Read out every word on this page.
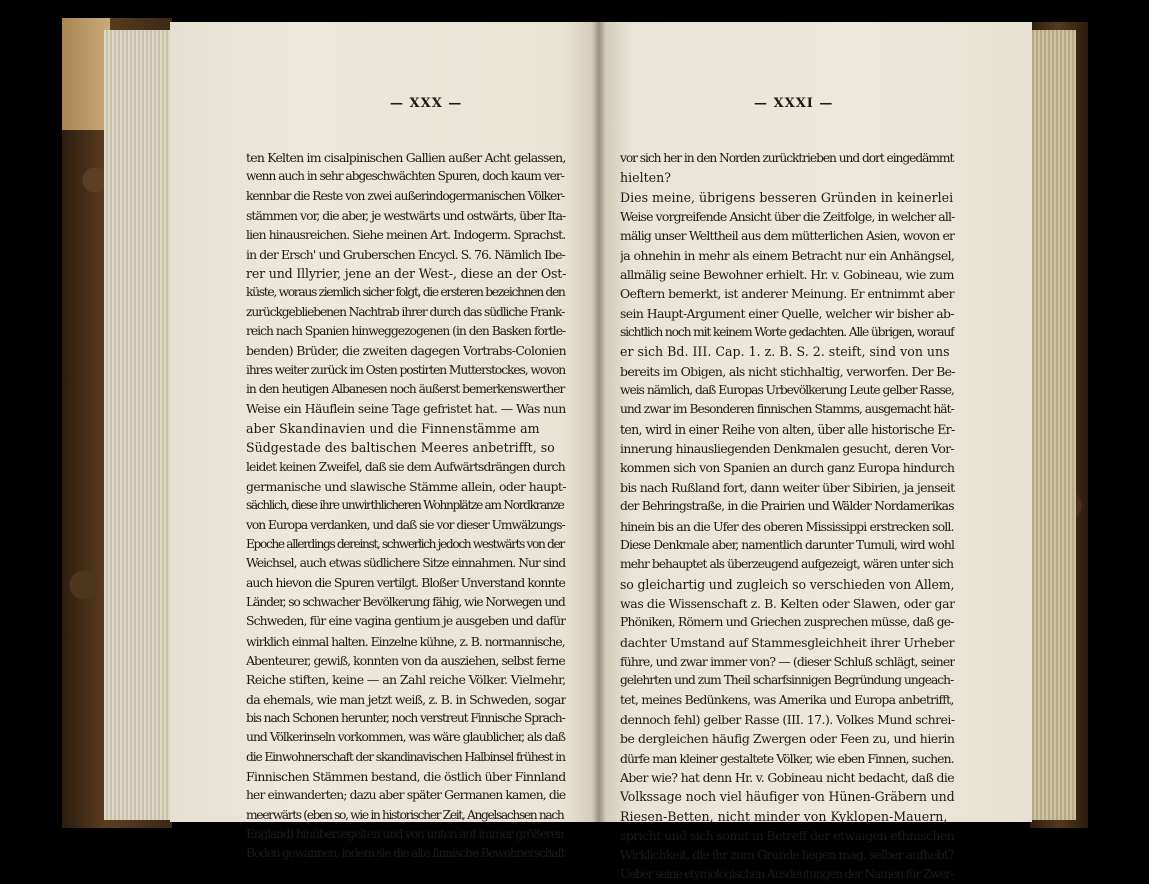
— XXX —
ten Kelten im cisalpinischen Gallien außer Acht gelassen,
wenn auch in sehr abgeschwächten Spuren, doch kaum ver-
kennbar die Reste von zwei außerindogermanischen Völker-
stämmen vor, die aber, je westwärts und ostwärts, über Ita-
lien hinausreichen. Siehe meinen Art. Indogerm. Sprachst.
in der Ersch' und Gruberschen Encycl. S. 76. Nämlich Ibe-
rer und Illyrier, jene an der West-, diese an der Ost-
küste, woraus ziemlich sicher folgt, die ersteren bezeichnen den
zurückgebliebenen Nachtrab ihrer durch das südliche Frank-
reich nach Spanien hinweggezogenen (in den Basken fortle-
benden) Brüder, die zweiten dagegen Vortrabs-Colonien
ihres weiter zurück im Osten postirten Mutterstockes, wovon
in den heutigen Albanesen noch äußerst bemerkenswerther
Weise ein Häuflein seine Tage gefristet hat. — Was nun
aber Skandinavien und die Finnenstämme am
Südgestade des baltischen Meeres anbetrifft, so
leidet keinen Zweifel, daß sie dem Aufwärtsdrängen durch
germanische und slawische Stämme allein, oder haupt-
sächlich, diese ihre unwirthlicheren Wohnplätze am Nordkranze
von Europa verdanken, und daß sie vor dieser Umwälzungs-
Epoche allerdings dereinst, schwerlich jedoch westwärts von der
Weichsel, auch etwas südlichere Sitze einnahmen. Nur sind
auch hievon die Spuren vertilgt. Bloßer Unverstand konnte
Länder, so schwacher Bevölkerung fähig, wie Norwegen und
Schweden, für eine vagina gentium je ausgeben und dafür
wirklich einmal halten. Einzelne kühne, z. B. normannische,
Abenteurer, gewiß, konnten von da ausziehen, selbst ferne
Reiche stiften, keine — an Zahl reiche Völker. Vielmehr,
da ehemals, wie man jetzt weiß, z. B. in Schweden, sogar
bis nach Schonen herunter, noch verstreut Finnische Sprach-
und Völkerinseln vorkommen, was wäre glaublicher, als daß
die Einwohnerschaft der skandinavischen Halbinsel frühest in
Finnischen Stämmen bestand, die östlich über Finnland
her einwanderten; dazu aber später Germanen kamen, die
meerwärts (eben so, wie in historischer Zeit, Angelsachsen nach
England) hinübersegelten und von unten auf immer größeren
Boden gewannen, indem sie die alte finnische Bewohnerschaft
— XXXI —
vor sich her in den Norden zurücktrieben und dort eingedämmt
hielten?
Dies meine, übrigens besseren Gründen in keinerlei
Weise vorgreifende Ansicht über die Zeitfolge, in welcher all-
mälig unser Welttheil aus dem mütterlichen Asien, wovon er
ja ohnehin in mehr als einem Betracht nur ein Anhängsel,
allmälig seine Bewohner erhielt. Hr. v. Gobineau, wie zum
Oeftern bemerkt, ist anderer Meinung. Er entnimmt aber
sein Haupt-Argument einer Quelle, welcher wir bisher ab-
sichtlich noch mit keinem Worte gedachten. Alle übrigen, worauf
er sich Bd. III. Cap. 1. z. B. S. 2. steift, sind von uns
bereits im Obigen, als nicht stichhaltig, verworfen. Der Be-
weis nämlich, daß Europas Urbevölkerung Leute gelber Rasse,
und zwar im Besonderen finnischen Stamms, ausgemacht hät-
ten, wird in einer Reihe von alten, über alle historische Er-
innerung hinausliegenden Denkmalen gesucht, deren Vor-
kommen sich von Spanien an durch ganz Europa hindurch
bis nach Rußland fort, dann weiter über Sibirien, ja jenseit
der Behringstraße, in die Prairien und Wälder Nordamerikas
hinein bis an die Ufer des oberen Mississippi erstrecken soll.
Diese Denkmale aber, namentlich darunter Tumuli, wird wohl
mehr behauptet als überzeugend aufgezeigt, wären unter sich
so gleichartig und zugleich so verschieden von Allem,
was die Wissenschaft z. B. Kelten oder Slawen, oder gar
Phöniken, Römern und Griechen zusprechen müsse, daß ge-
dachter Umstand auf Stammesgleichheit ihrer Urheber
führe, und zwar immer von? — (dieser Schluß schlägt, seiner
gelehrten und zum Theil scharfsinnigen Begründung ungeach-
tet, meines Bedünkens, was Amerika und Europa anbetrifft,
dennoch fehl) gelber Rasse (III. 17.). Volkes Mund schrei-
be dergleichen häufig Zwergen oder Feen zu, und hierin
dürfe man kleiner gestaltete Völker, wie eben Finnen, suchen.
Aber wie? hat denn Hr. v. Gobineau nicht bedacht, daß die
Volkssage noch viel häufiger von Hünen-Gräbern und
Riesen-Betten, nicht minder von Kyklopen-Mauern,
spricht und sich somit in Betreff der etwaigen ethnischen
Wirklichkeit, die ihr zum Grunde liegen mag, selber aufhebt?
Ueber seine etymologischen Ausdeutungen der Namen für Zwer-
